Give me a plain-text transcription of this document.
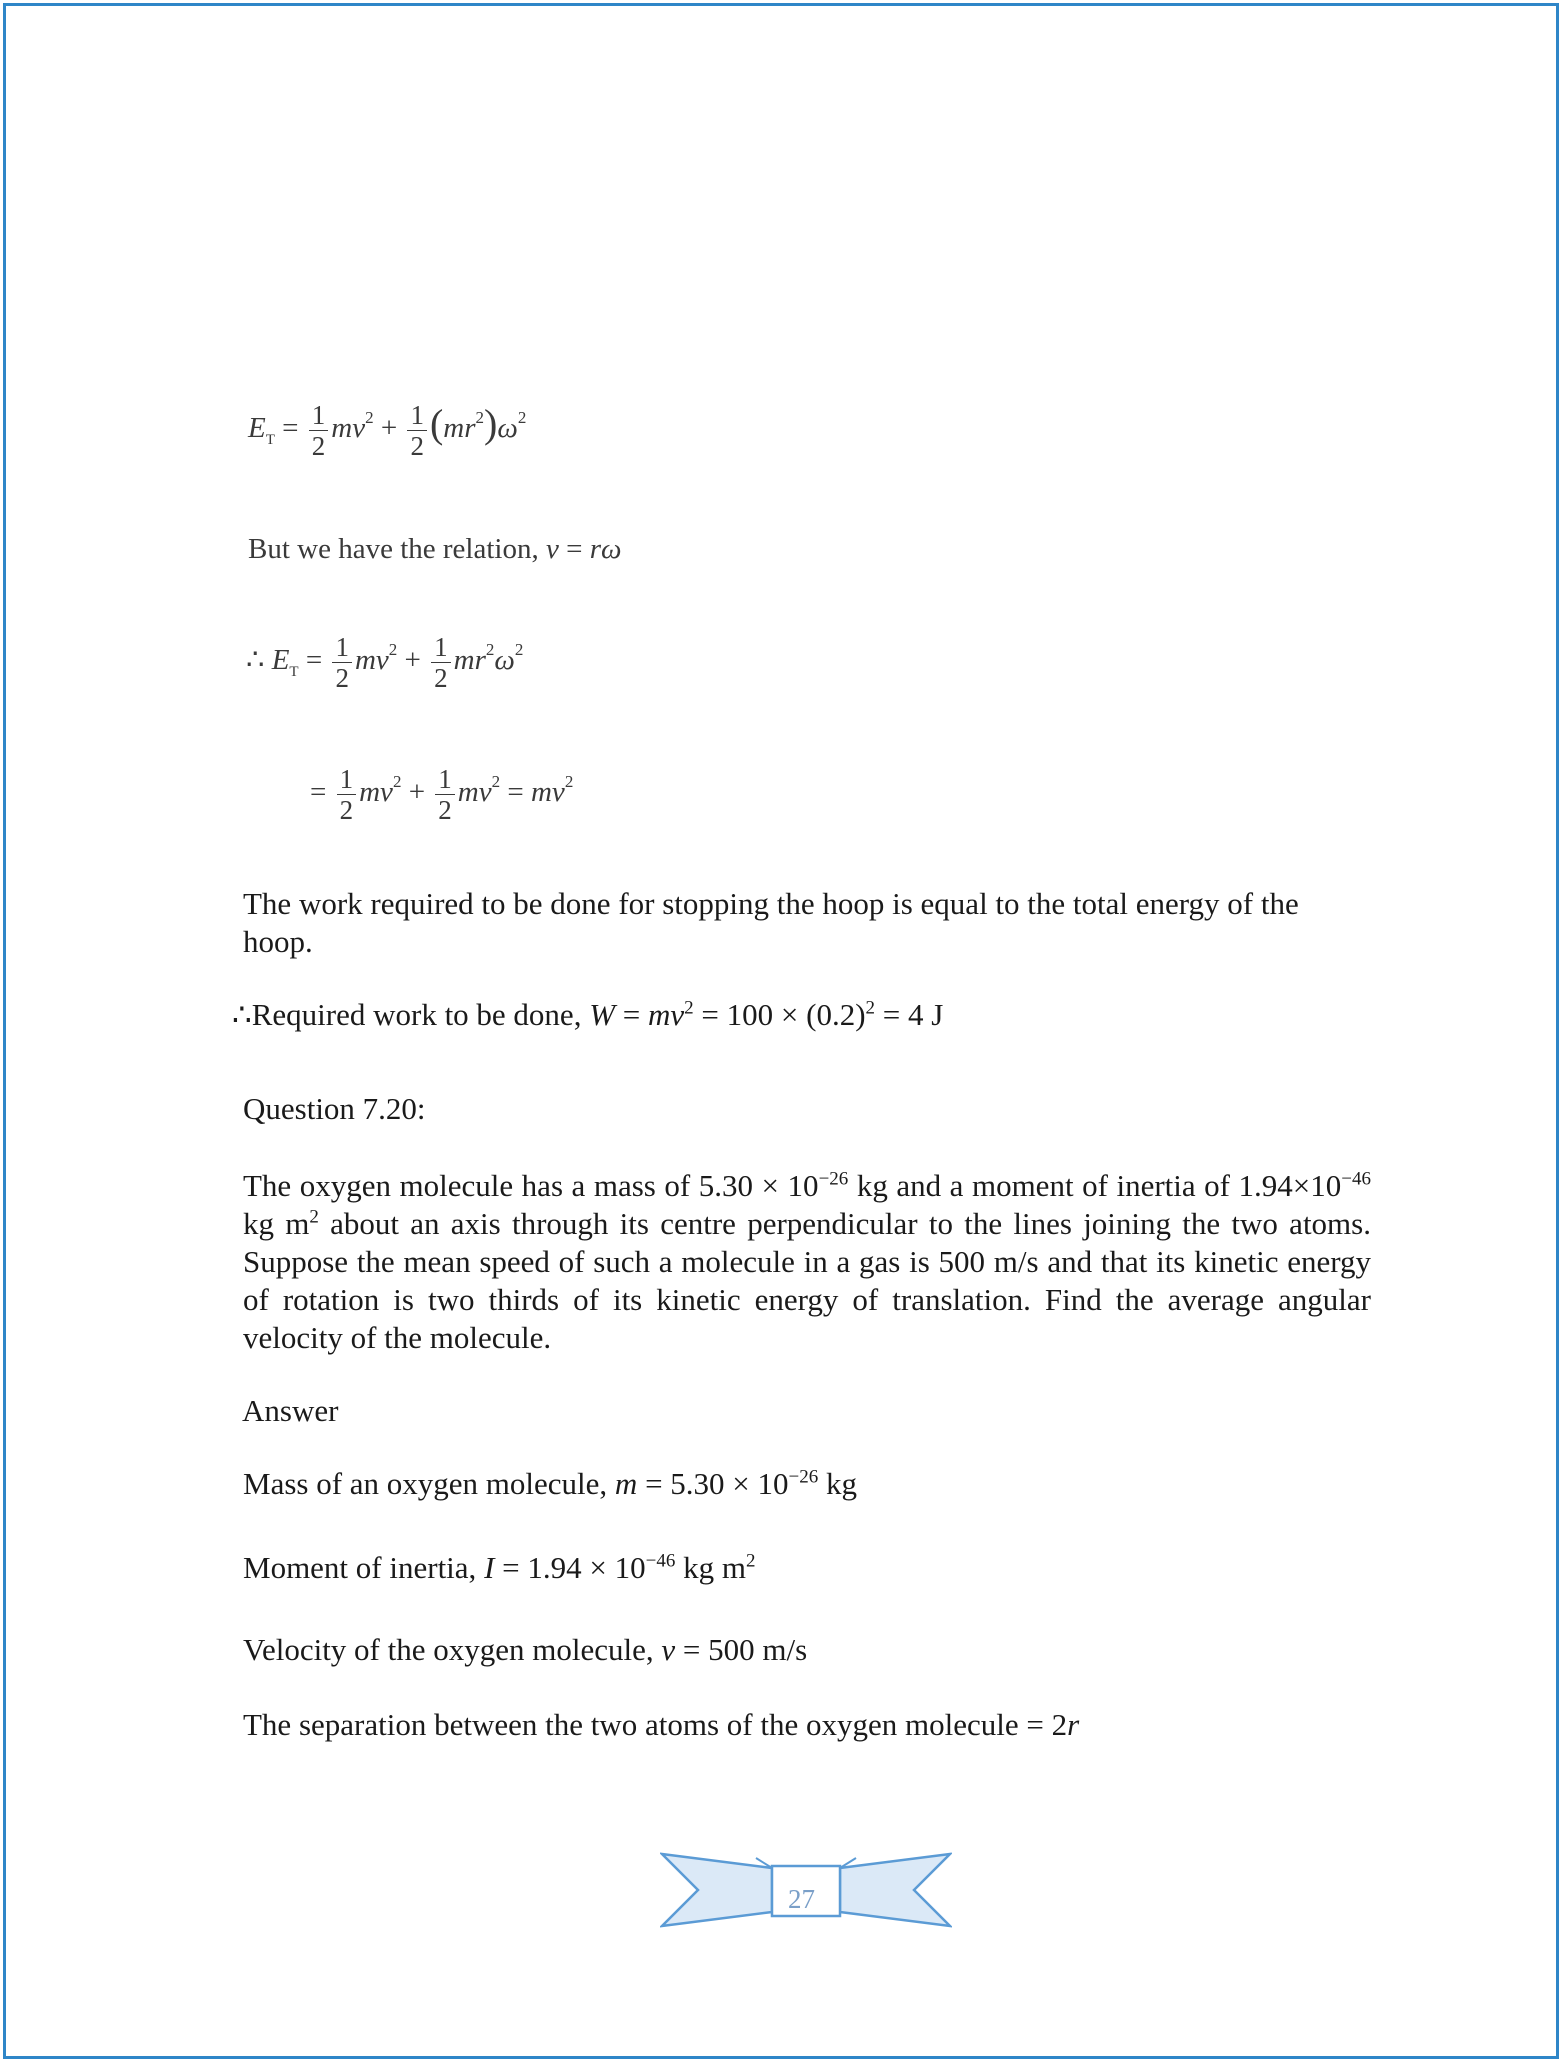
$E_T = \frac{1}{2} mv^2 + \frac{1}{2} (mr^2)\omega^2$
But we have the relation, v = rω
∴ $E_T = \frac{1}{2} mv^2 + \frac{1}{2} mr^2\omega^2$
= $\frac{1}{2} mv^2 + \frac{1}{2} mv^2 = mv^2$
The work required to be done for stopping the hoop is equal to the total energy of the hoop.
∴Required work to be done, $W = mv^2 = 100 \times (0.2)^2 = 4$ J
Question 7.20:
The oxygen molecule has a mass of $5.30 \times 10^{-26}$ kg and a moment of inertia of $1.94\times 10^{-46}$ kg $m^2$ about an axis through its centre perpendicular to the lines joining the two atoms. Suppose the mean speed of such a molecule in a gas is 500 m/s and that its kinetic energy of rotation is two thirds of its kinetic energy of translation. Find the average angular velocity of the molecule.
Answer
Mass of an oxygen molecule, $m = 5.30 \times 10^{-26}$ kg
Moment of inertia, $I = 1.94 \times 10^{-46}$ kg $m^2$
Velocity of the oxygen molecule, v = 500 m/s
The separation between the two atoms of the oxygen molecule = 2r
27
